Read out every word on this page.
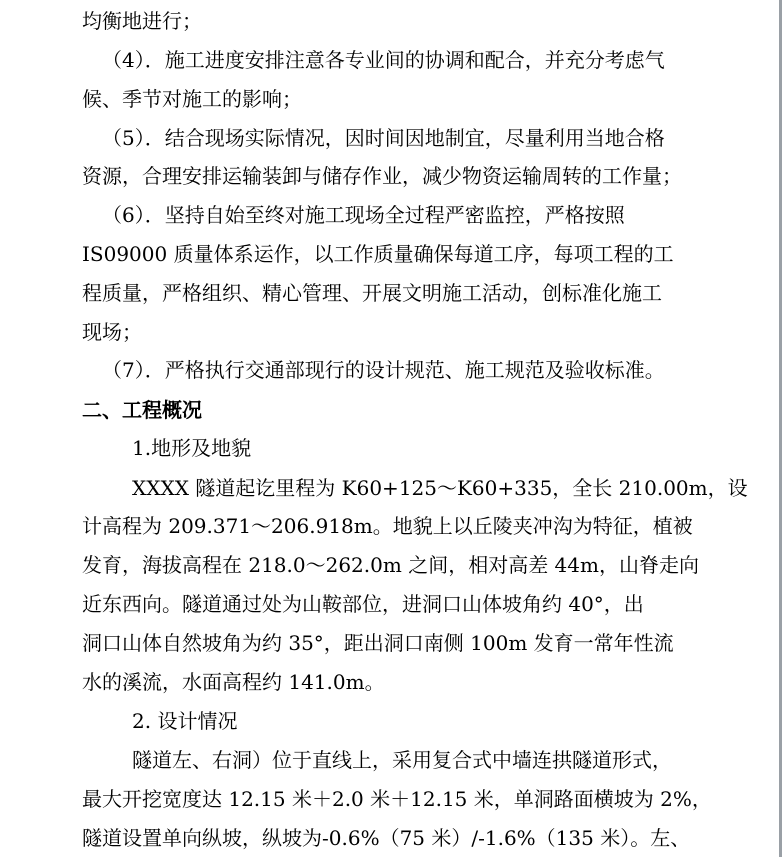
均衡地进行；
（4）．施工进度安排注意各专业间的协调和配合，并充分考虑气
候、季节对施工的影响；
（5）．结合现场实际情况，因时间因地制宜，尽量利用当地合格
资源，合理安排运输装卸与储存作业，减少物资运输周转的工作量；
（6）．坚持自始至终对施工现场全过程严密监控，严格按照
IS09000 质量体系运作，以工作质量确保每道工序，每项工程的工
程质量，严格组织、精心管理、开展文明施工活动，创标准化施工
现场；
（7）．严格执行交通部现行的设计规范、施工规范及验收标准。
二、工程概况
1.地形及地貌
XXXX 隧道起讫里程为 K60+125～K60+335，全长 210.00m，设
计高程为 209.371～206.918m。地貌上以丘陵夹冲沟为特征，植被
发育，海拔高程在 218.0～262.0m 之间，相对高差 44m，山脊走向
近东西向。隧道通过处为山鞍部位，进洞口山体坡角约 40°，出
洞口山体自然坡角为约 35°，距出洞口南侧 100m 发育一常年性流
水的溪流，水面高程约 141.0m。
2. 设计情况
隧道左、右洞）位于直线上，采用复合式中墙连拱隧道形式，
最大开挖宽度达 12.15 米＋2.0 米＋12.15 米，单洞路面横坡为 2%，
隧道设置单向纵坡，纵坡为-0.6%（75 米）/-1.6%（135 米）。左、
